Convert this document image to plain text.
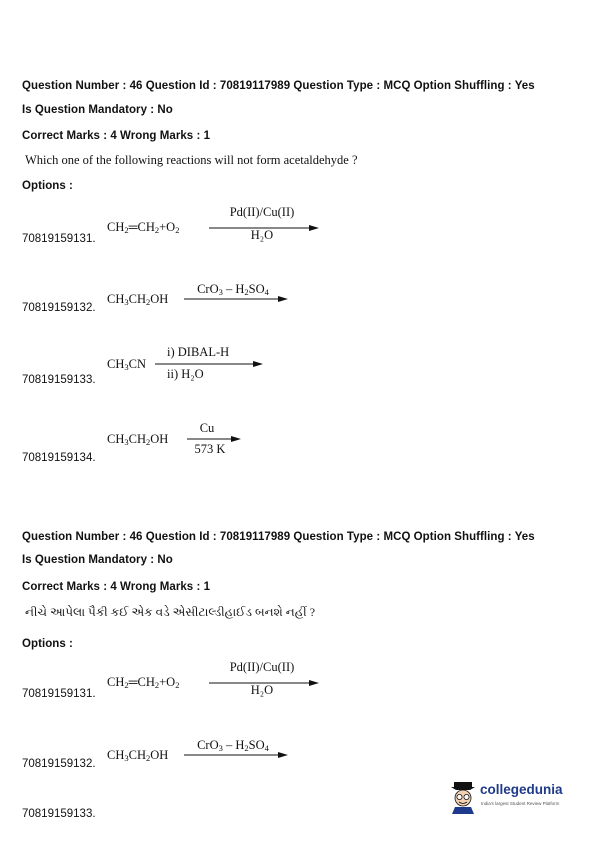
Question Number : 46 Question Id : 70819117989 Question Type : MCQ Option Shuffling : Yes
Is Question Mandatory : No
Correct Marks : 4 Wrong Marks : 1
Which one of the following reactions will not form acetaldehyde ?
Options :
$CH_2═CH_2+O_2$
Pd(II)/Cu(II)
H₂O
70819159131.
$CH_3CH_2OH$
$CrO_3 - H_2SO_4$
70819159132.
$CH_3CN$
i) DIBAL-H
ii) H₂O
70819159133.
$CH_3CH_2OH$
Cu
573 K
70819159134.
Question Number : 46 Question Id : 70819117989 Question Type : MCQ Option Shuffling : Yes
Is Question Mandatory : No
Correct Marks : 4 Wrong Marks : 1
નીચે આપેલા પૈકી કઈ એક વડે એસીટાલ્ડીહાઈડ બનશે નહીં ?
Options :
$CH_2═CH_2+O_2$
Pd(II)/Cu(II)
H₂O
70819159131.
$CH_3CH_2OH$
$CrO_3 - H_2SO_4$
70819159132.
70819159133.
collegedunia
India's largest Student Review Platform
